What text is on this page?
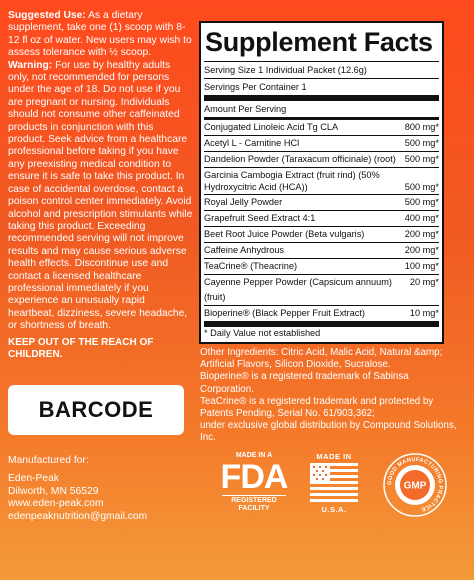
Suggested Use: As a dietary supplement, take one (1) scoop with 8-12 fl oz of water. New users may wish to assess tolerance with ½ scoop.

Warning: For use by healthy adults only, not recommended for persons under the age of 18. Do not use if you are pregnant or nursing. Individuals should not consume other caffeinated products in conjunction with this product. Seek advice from a healthcare professional before taking if you have any preexisting medical condition to ensure it is safe to take this product. In case of accidental overdose, contact a poison control center immediately. Avoid alcohol and prescription stimulants while taking this product. Exceeding recommended serving will not improve results and may cause serious adverse health effects. Discontinue use and contact a licensed healthcare professional immediately if you experience an unusually rapid heartbeat, dizziness, severe headache, or shortness of breath.

KEEP OUT OF THE REACH OF CHILDREN.

BARCODE

Manufactured for:

Eden-Peak

Dilworth, MN 56529

www.eden-peak.com

edenpeaknutrition@gmail.com

Supplement Facts
Serving Size 1 Individual Packet (12.6g)
Servings Per Container 1
Amount Per Serving
Conjugated Linoleic Acid Tg CLA	800 mg*
Acetyl L - Carnitine HCl	500 mg*
Dandelion Powder (Taraxacum officinale) (root) 500 mg*
Garcinia Cambogia Extract (fruit rind) (50% Hydroxycitric Acid (HCA))	500 mg*
Royal Jelly Powder	500 mg*
Grapefruit Seed Extract 4:1	400 mg*
Beet Root Juice Powder (Beta vulgaris)	200 mg*
Caffeine Anhydrous	200 mg*
TeaCrine® (Theacrine)	100 mg*
Cayenne Pepper Powder (Capsicum annuum)(fruit)
20 mg*
Bioperine® (Black Pepper Fruit Extract)	10 mg*
* Daily Value not established

Other Ingredients: Citric Acid, Malic Acid, Natural &amp; Artificial Flavors, Silicon Dioxide, Sucralose.

Bioperine® is a registered trademark of Sabinsa Corporation.

TeaCrine® is a registered trademark and protected by Patents Pending, Serial No. 61/903,362;

under exclusive global distribution by Compound Solutions, Inc.

MADE IN A
FDA
REGISTERED FACILITY
MADE IN
U.S.A.
GOOD MANUFACTURING PRACTICE
GMP
